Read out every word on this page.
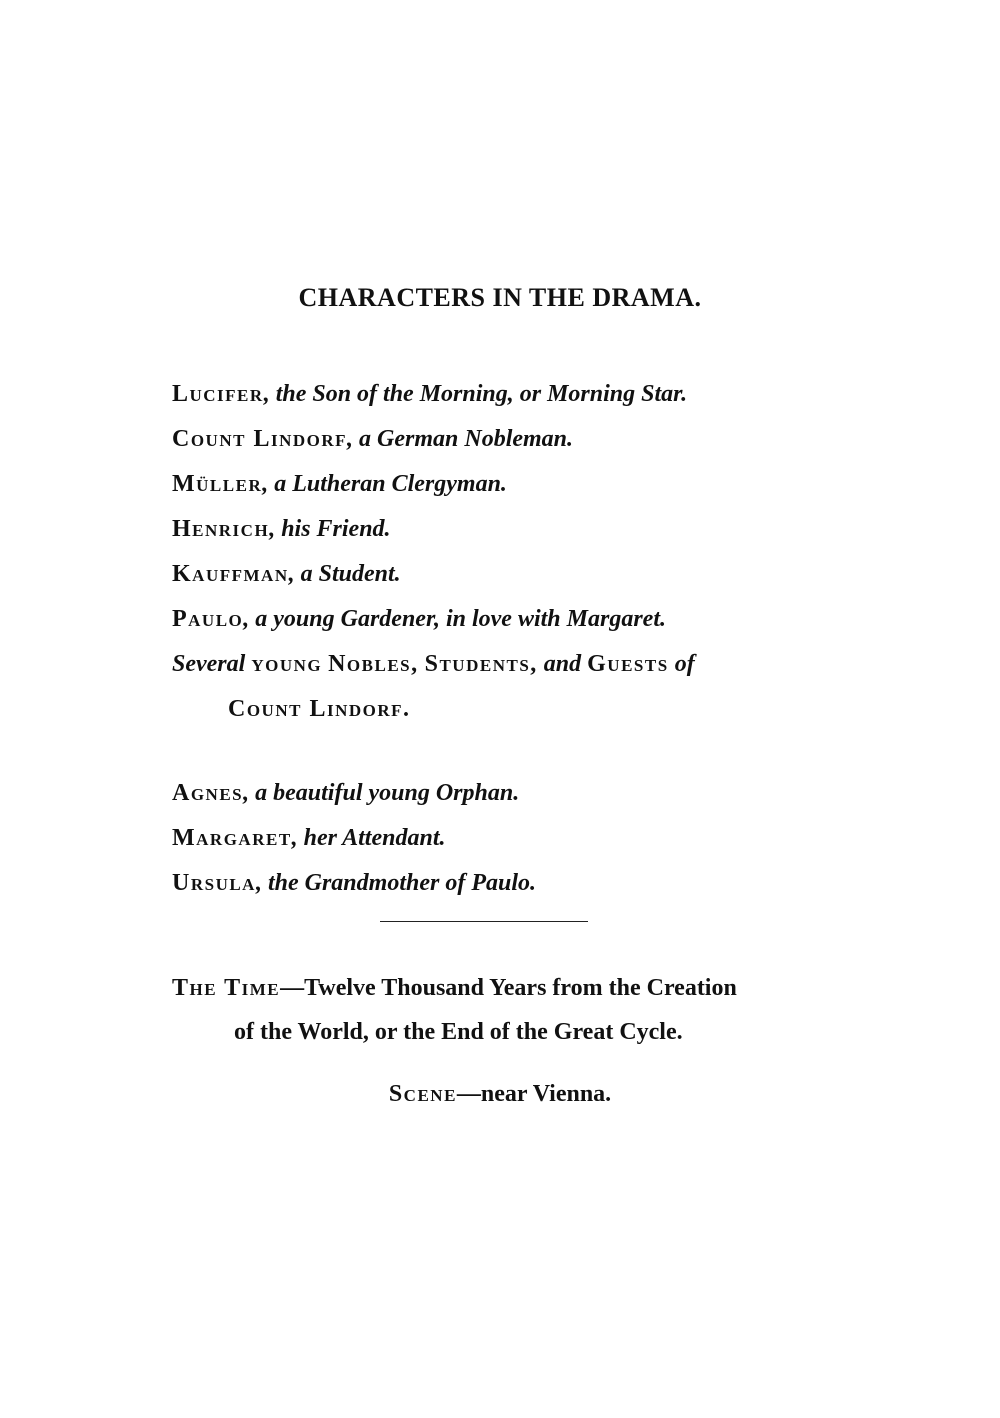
CHARACTERS IN THE DRAMA.
Lucifer, the Son of the Morning, or Morning Star.
Count Lindorf, a German Nobleman.
Müller, a Lutheran Clergyman.
Henrich, his Friend.
Kauffman, a Student.
Paulo, a young Gardener, in love with Margaret.
Several young Nobles, Students, and Guests of
Count Lindorf.
Agnes, a beautiful young Orphan.
Margaret, her Attendant.
Ursula, the Grandmother of Paulo.
The Time—Twelve Thousand Years from the Creation
of the World, or the End of the Great Cycle.
Scene—near Vienna.
